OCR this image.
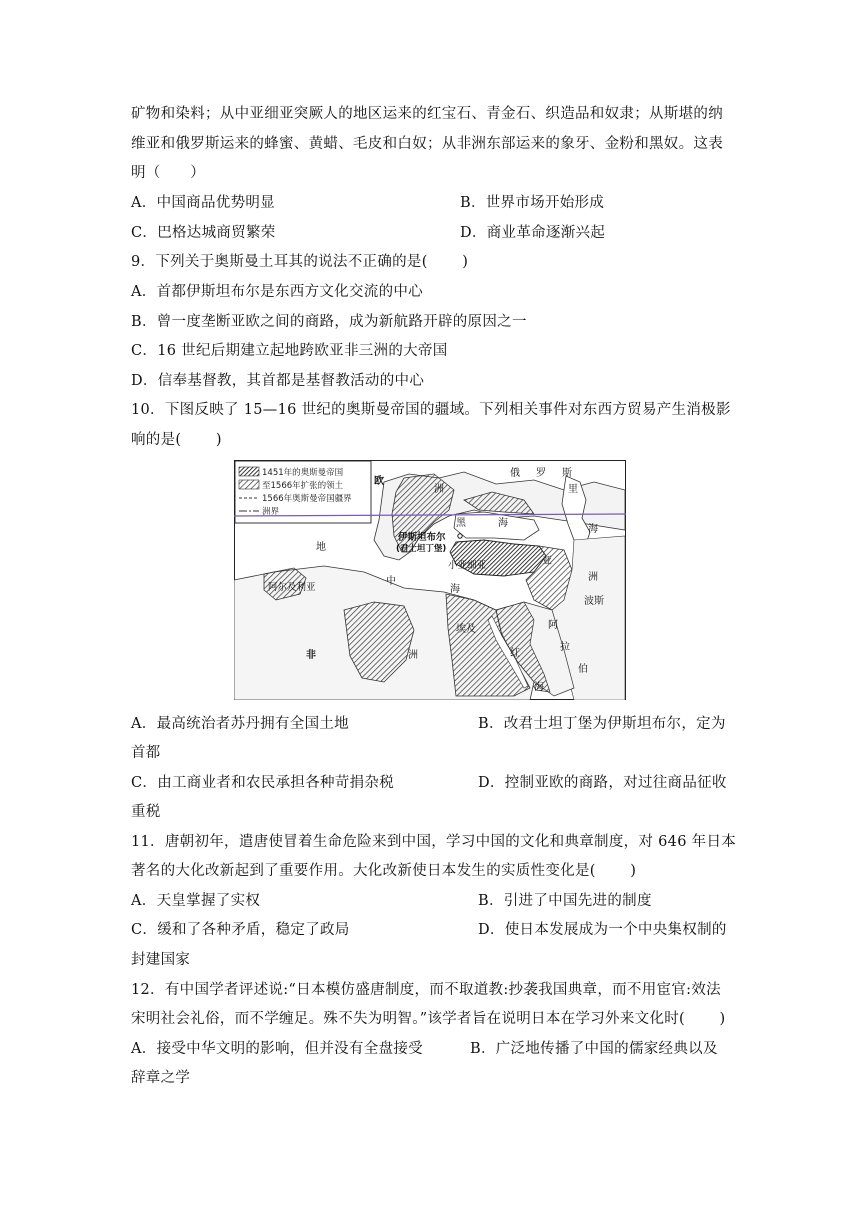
矿物和染料；从中亚细亚突厥人的地区运来的红宝石、青金石、织造品和奴隶；从斯堪的纳
维亚和俄罗斯运来的蜂蜜、黄蜡、毛皮和白奴；从非洲东部运来的象牙、金粉和黑奴。这表
明（　　）
A．中国商品优势明显	B．世界市场开始形成
C．巴格达城商贸繁荣	D．商业革命逐渐兴起
9．下列关于奥斯曼土耳其的说法不正确的是(　　 )
A．首都伊斯坦布尔是东西方文化交流的中心
B．曾一度垄断亚欧之间的商路，成为新航路开辟的原因之一
C．16 世纪后期建立起地跨欧亚非三洲的大帝国
D．信奉基督教，其首都是基督教活动的中心
10．下图反映了 15—16 世纪的奥斯曼帝国的疆域。下列相关事件对东西方贸易产生消极影
响的是(　　 )
1451年的奥斯曼帝国
至1566年扩张的领土
1566年奥斯曼帝国疆界
洲界
欧
俄 罗 斯
洲	里
海
黑	海
伊斯坦布尔
(君士坦丁堡)
小亚细亚
地
亚
中
海
阿尔及利亚
洲
波斯
非	洲
埃及	阿
拉
伯
红
海
A．最高统治者苏丹拥有全国土地	B．改君士坦丁堡为伊斯坦布尔，定为
首都
C．由工商业者和农民承担各种苛捐杂税	D．控制亚欧的商路，对过往商品征收
重税
11．唐朝初年，遣唐使冒着生命危险来到中国，学习中国的文化和典章制度，对 646 年日本
著名的大化改新起到了重要作用。大化改新使日本发生的实质性变化是(　　 )
A．天皇掌握了实权	B．引进了中国先进的制度
C．缓和了各种矛盾，稳定了政局	D．使日本发展成为一个中央集权制的
封建国家
12．有中国学者评述说:“日本模仿盛唐制度，而不取道教:抄袭我国典章，而不用宦官:效法
宋明社会礼俗，而不学缠足。殊不失为明智。”该学者旨在说明日本在学习外来文化时(　　 )
A．接受中华文明的影响，但并没有全盘接受	B．广泛地传播了中国的儒家经典以及
辞章之学
